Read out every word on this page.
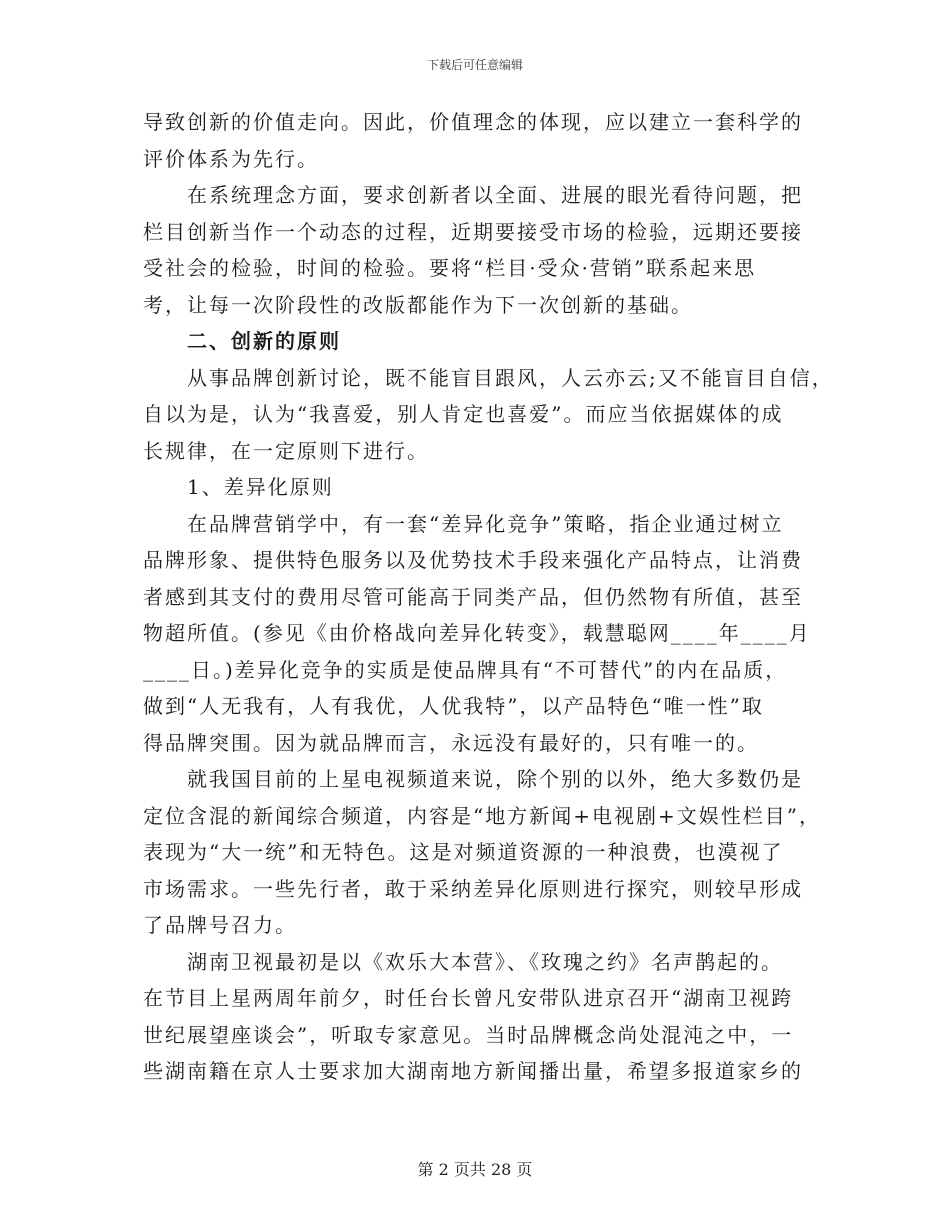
下载后可任意编辑
导致创新的价值走向。因此，价值理念的体现，应以建立一套科学的
评价体系为先行。
在系统理念方面，要求创新者以全面、进展的眼光看待问题，把
栏目创新当作一个动态的过程，近期要接受市场的检验，远期还要接
受社会的检验，时间的检验。要将“栏目·受众·营销”联系起来思
考，让每一次阶段性的改版都能作为下一次创新的基础。
二、创新的原则
从事品牌创新讨论，既不能盲目跟风，人云亦云;又不能盲目自信，
自以为是，认为“我喜爱，别人肯定也喜爱”。而应当依据媒体的成
长规律，在一定原则下进行。
1、差异化原则
在品牌营销学中，有一套“差异化竞争”策略，指企业通过树立
品牌形象、提供特色服务以及优势技术手段来强化产品特点，让消费
者感到其支付的费用尽管可能高于同类产品，但仍然物有所值，甚至
物超所值。(参见《由价格战向差异化转变》，载慧聪网____年____月
____日。)差异化竞争的实质是使品牌具有“不可替代”的内在品质，
做到“人无我有，人有我优，人优我特”，以产品特色“唯一性”取
得品牌突围。因为就品牌而言，永远没有最好的，只有唯一的。
就我国目前的上星电视频道来说，除个别的以外，绝大多数仍是
定位含混的新闻综合频道，内容是“地方新闻+电视剧+文娱性栏目”，
表现为“大一统”和无特色。这是对频道资源的一种浪费，也漠视了
市场需求。一些先行者，敢于采纳差异化原则进行探究，则较早形成
了品牌号召力。
湖南卫视最初是以《欢乐大本营》、《玫瑰之约》名声鹊起的。
在节目上星两周年前夕，时任台长曾凡安带队进京召开“湖南卫视跨
世纪展望座谈会”，听取专家意见。当时品牌概念尚处混沌之中，一
些湖南籍在京人士要求加大湖南地方新闻播出量，希望多报道家乡的
第 2 页共 28 页
